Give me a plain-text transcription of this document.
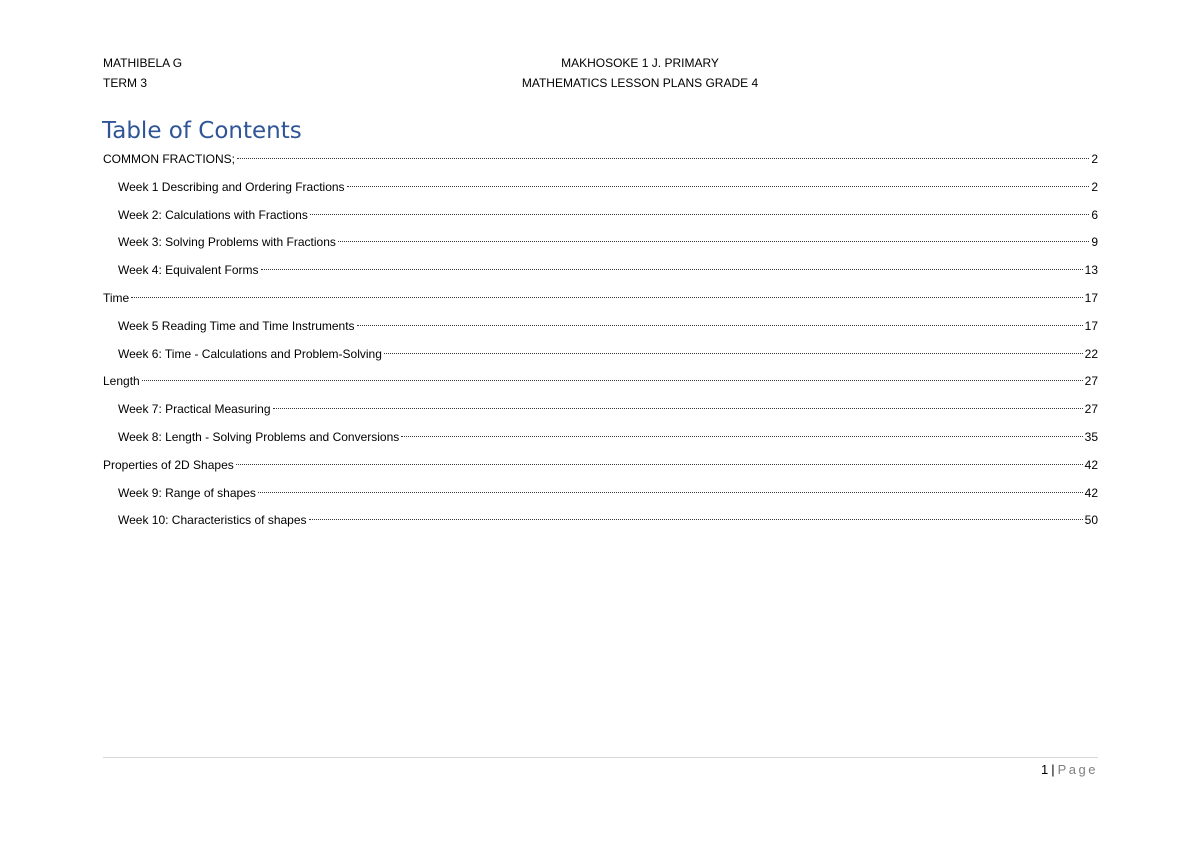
MATHIBELA G
TERM 3
MAKHOSOKE 1 J. PRIMARY
MATHEMATICS LESSON PLANS GRADE 4
Table of Contents
COMMON FRACTIONS;	2
Week 1 Describing and Ordering Fractions	2
Week 2: Calculations with Fractions	6
Week 3: Solving Problems with Fractions	9
Week 4: Equivalent Forms	13
Time	17
Week 5 Reading Time and Time Instruments	17
Week 6: Time - Calculations and Problem-Solving	22
Length	27
Week 7: Practical Measuring	27
Week 8: Length - Solving Problems and Conversions	35
Properties of 2D Shapes	42
Week 9: Range of shapes	42
Week 10: Characteristics of shapes	50
1 | Page
